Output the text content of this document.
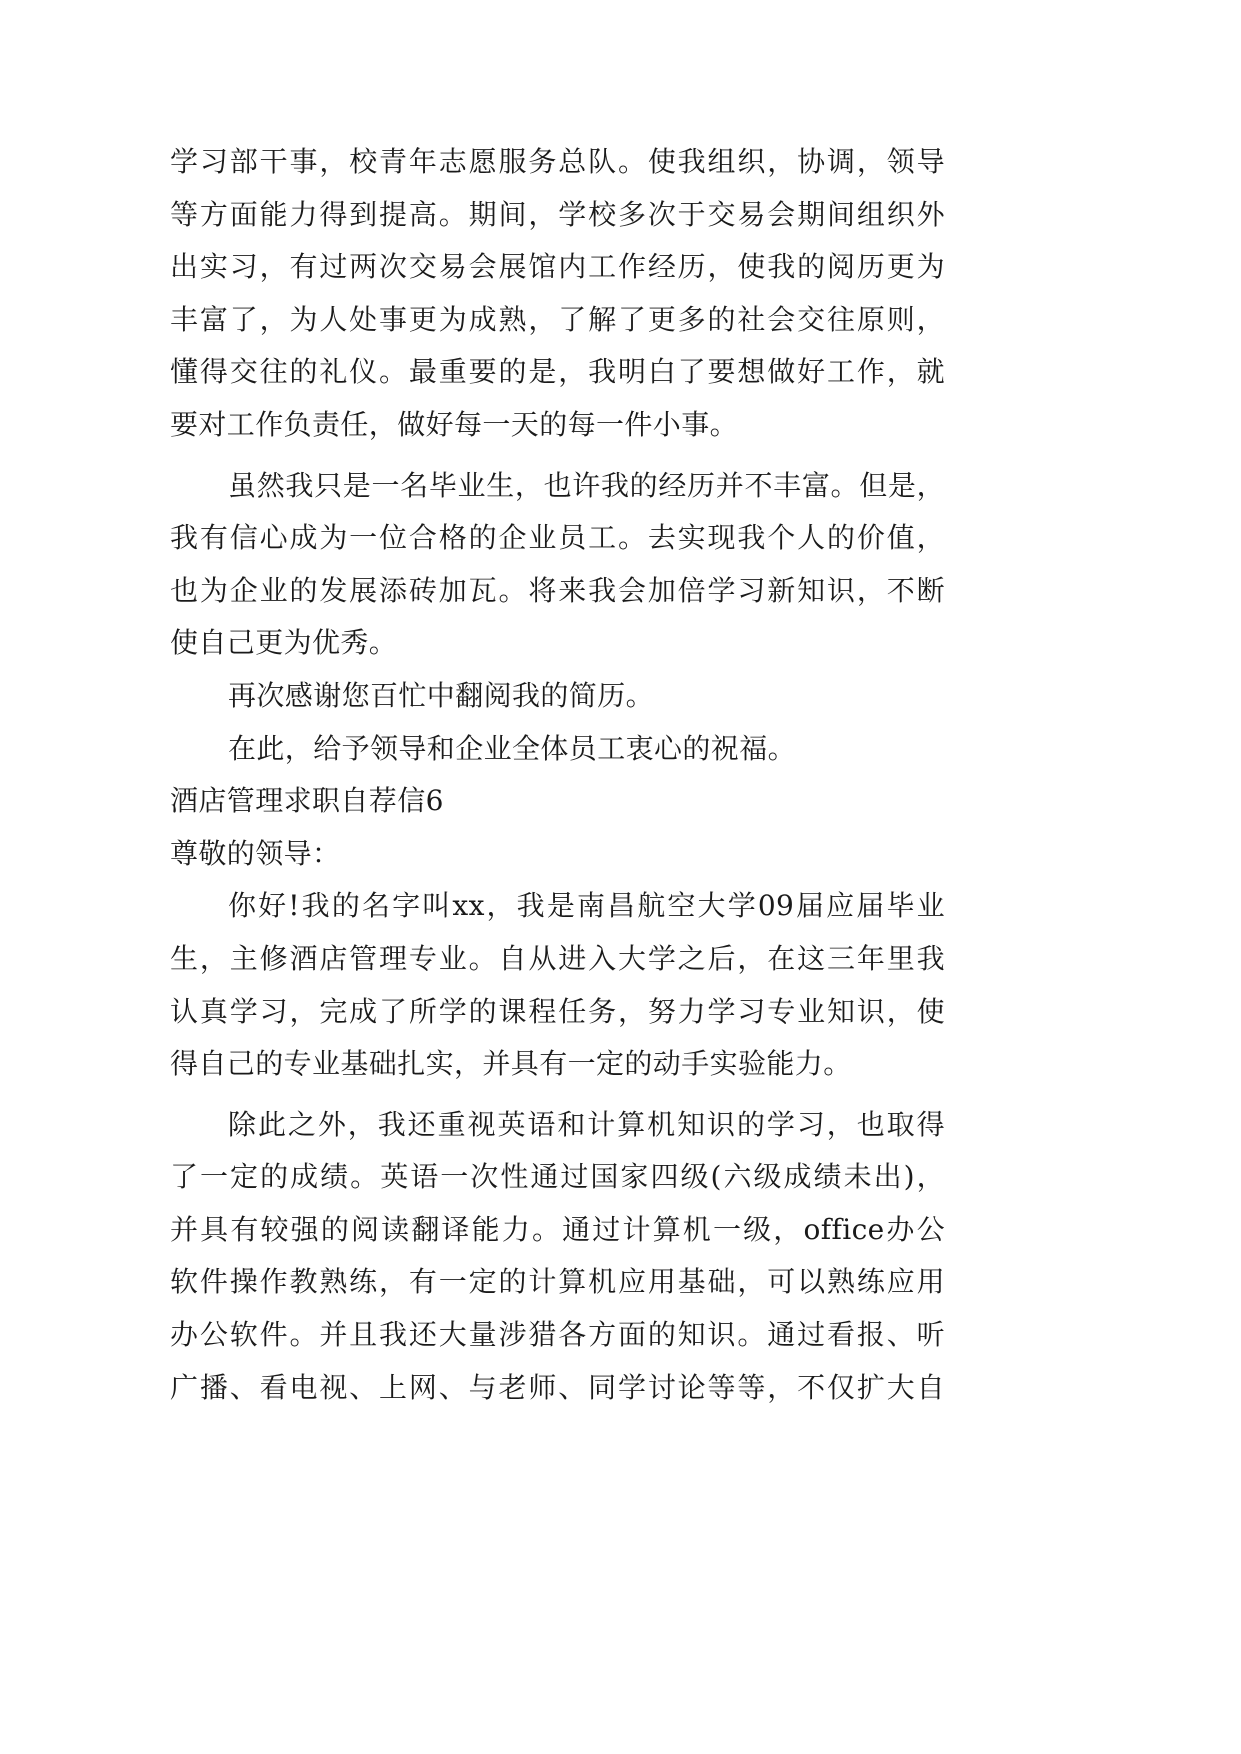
学习部干事，校青年志愿服务总队。使我组织，协调，领导
等方面能力得到提高。期间，学校多次于交易会期间组织外
出实习，有过两次交易会展馆内工作经历，使我的阅历更为
丰富了，为人处事更为成熟，了解了更多的社会交往原则，
懂得交往的礼仪。最重要的是，我明白了要想做好工作，就
要对工作负责任，做好每一天的每一件小事。
虽然我只是一名毕业生，也许我的经历并不丰富。但是，
我有信心成为一位合格的企业员工。去实现我个人的价值，
也为企业的发展添砖加瓦。将来我会加倍学习新知识，不断
使自己更为优秀。
再次感谢您百忙中翻阅我的简历。
在此，给予领导和企业全体员工衷心的祝福。
酒店管理求职自荐信6
尊敬的领导：
你好!我的名字叫xx，我是南昌航空大学09届应届毕业
生，主修酒店管理专业。自从进入大学之后，在这三年里我
认真学习，完成了所学的课程任务，努力学习专业知识，使
得自己的专业基础扎实，并具有一定的动手实验能力。
除此之外，我还重视英语和计算机知识的学习，也取得
了一定的成绩。英语一次性通过国家四级(六级成绩未出)，
并具有较强的阅读翻译能力。通过计算机一级，office办公
软件操作教熟练，有一定的计算机应用基础，可以熟练应用
办公软件。并且我还大量涉猎各方面的知识。通过看报、听
广播、看电视、上网、与老师、同学讨论等等，不仅扩大自
